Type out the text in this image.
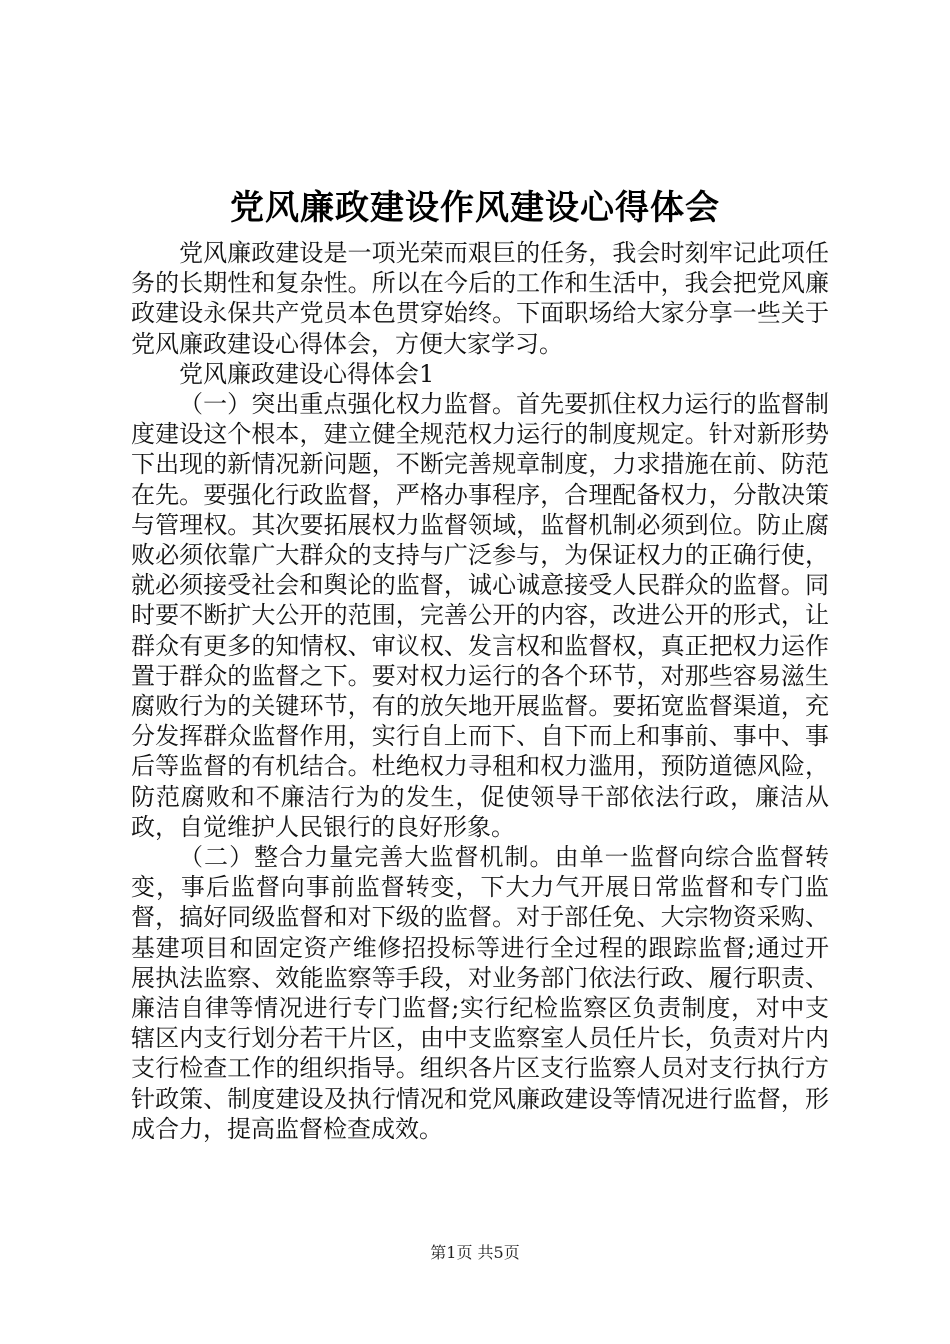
党风廉政建设作风建设心得体会

党风廉政建设是一项光荣而艰巨的任务，我会时刻牢记此项任务的长期性和复杂性。所以在今后的工作和生活中，我会把党风廉政建设永保共产党员本色贯穿始终。下面职场给大家分享一些关于党风廉政建设心得体会，方便大家学习。

党风廉政建设心得体会1

（一）突出重点强化权力监督。首先要抓住权力运行的监督制度建设这个根本，建立健全规范权力运行的制度规定。针对新形势下出现的新情况新问题，不断完善规章制度，力求措施在前、防范在先。要强化行政监督，严格办事程序，合理配备权力，分散决策与管理权。其次要拓展权力监督领域，监督机制必须到位。防止腐败必须依靠广大群众的支持与广泛参与，为保证权力的正确行使，就必须接受社会和舆论的监督，诚心诚意接受人民群众的监督。同时要不断扩大公开的范围，完善公开的内容，改进公开的形式，让群众有更多的知情权、审议权、发言权和监督权，真正把权力运作置于群众的监督之下。要对权力运行的各个环节，对那些容易滋生腐败行为的关键环节，有的放矢地开展监督。要拓宽监督渠道，充分发挥群众监督作用，实行自上而下、自下而上和事前、事中、事后等监督的有机结合。杜绝权力寻租和权力滥用，预防道德风险，防范腐败和不廉洁行为的发生，促使领导干部依法行政，廉洁从政，自觉维护人民银行的良好形象。

（二）整合力量完善大监督机制。由单一监督向综合监督转变，事后监督向事前监督转变，下大力气开展日常监督和专门监督，搞好同级监督和对下级的监督。对于部任免、大宗物资采购、基建项目和固定资产维修招投标等进行全过程的跟踪监督;通过开展执法监察、效能监察等手段，对业务部门依法行政、履行职责、廉洁自律等情况进行专门监督;实行纪检监察区负责制度，对中支辖区内支行划分若干片区，由中支监察室人员任片长，负责对片内支行检查工作的组织指导。组织各片区支行监察人员对支行执行方针政策、制度建设及执行情况和党风廉政建设等情况进行监督，形成合力，提高监督检查成效。

第1页 共5页
